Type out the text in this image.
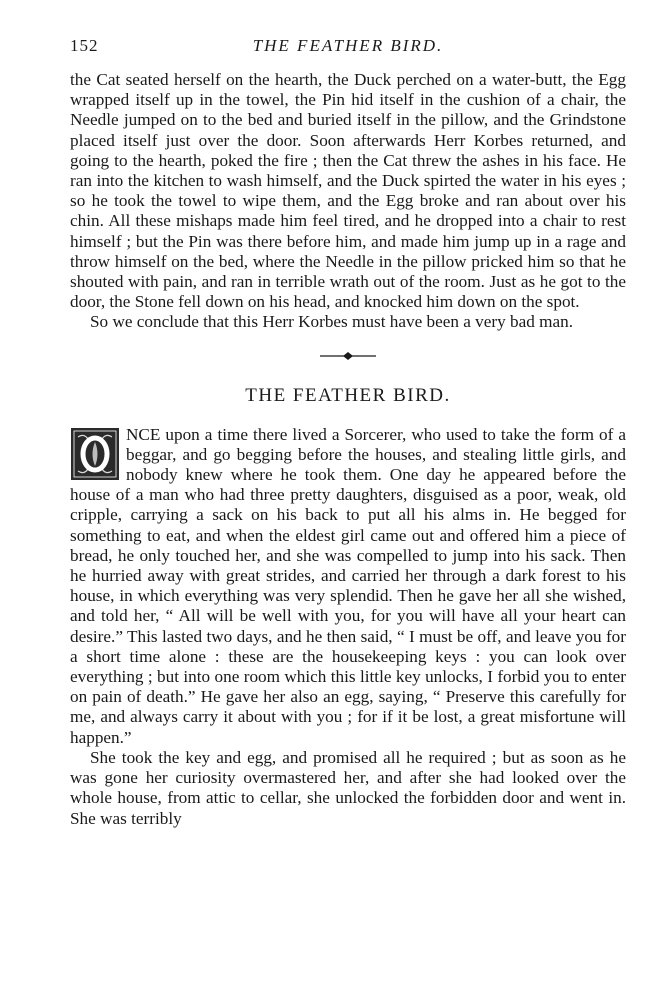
152	THE FEATHER BIRD.

the Cat seated herself on the hearth, the Duck perched on a water-butt, the Egg wrapped itself up in the towel, the Pin hid itself in the cushion of a chair, the Needle jumped on to the bed and buried itself in the pillow, and the Grindstone placed itself just over the door. Soon afterwards Herr Korbes returned, and going to the hearth, poked the fire ; then the Cat threw the ashes in his face. He ran into the kitchen to wash himself, and the Duck spirted the water in his eyes ; so he took the towel to wipe them, and the Egg broke and ran about over his chin. All these mishaps made him feel tired, and he dropped into a chair to rest himself ; but the Pin was there before him, and made him jump up in a rage and throw himself on the bed, where the Needle in the pillow pricked him so that he shouted with pain, and ran in terrible wrath out of the room. Just as he got to the door, the Stone fell down on his head, and knocked him down on the spot.

So we conclude that this Herr Korbes must have been a very bad man.

THE FEATHER BIRD.
O

NCE upon a time there lived a Sorcerer, who used to take the form of a beggar, and go begging before the houses, and stealing little girls, and nobody knew where he took them. One day he appeared before the house of a man who had three pretty daughters, disguised as a poor, weak, old cripple, carrying a sack on his back to put all his alms in. He begged for something to eat, and when the eldest girl came out and offered him a piece of bread, he only touched her, and she was compelled to jump into his sack. Then he hurried away with great strides, and carried her through a dark forest to his house, in which everything was very splendid. Then he gave her all she wished, and told her, “ All will be well with you, for you will have all your heart can desire.” This lasted two days, and he then said, “ I must be off, and leave you for a short time alone : these are the housekeeping keys : you can look over everything ; but into one room which this little key unlocks, I forbid you to enter on pain of death.” He gave her also an egg, saying, “ Preserve this carefully for me, and always carry it about with you ; for if it be lost, a great misfortune will happen.”

She took the key and egg, and promised all he required ; but as soon as he was gone her curiosity overmastered her, and after she had looked over the whole house, from attic to cellar, she unlocked the forbidden door and went in. She was terribly
